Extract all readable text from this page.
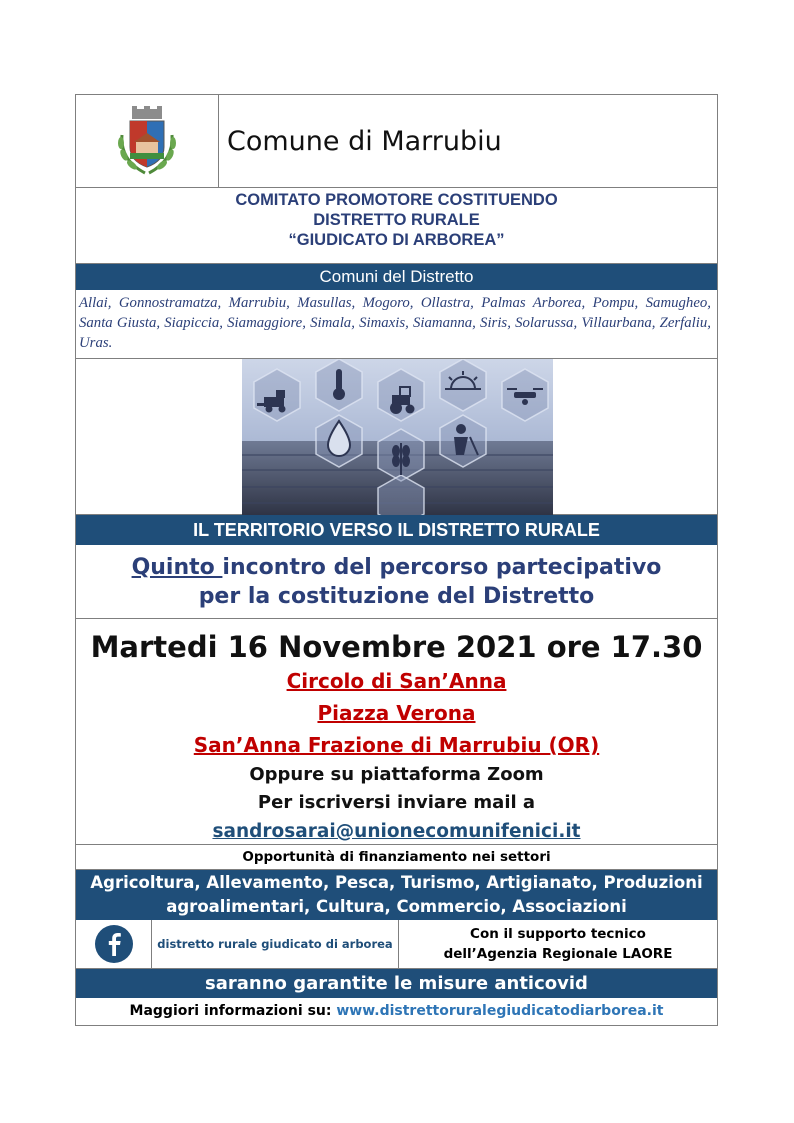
Comune di Marrubiu
COMITATO PROMOTORE COSTITUENDO
DISTRETTO RURALE
“GIUDICATO DI ARBOREA”
Comuni del Distretto
Allai, Gonnostramatza, Marrubiu, Masullas, Mogoro, Ollastra, Palmas Arborea, Pompu, Samugheo, Santa Giusta, Siapiccia, Siamaggiore, Simala, Simaxis, Siamanna, Siris, Solarussa, Villaurbana, Zerfaliu, Uras.
IL TERRITORIO VERSO IL DISTRETTO RURALE
Quinto incontro del percorso partecipativo
per la costituzione del Distretto
Martedi 16 Novembre 2021 ore 17.30
Circolo di San’Anna
Piazza Verona
San’Anna Frazione di Marrubiu (OR)
Oppure su piattaforma Zoom
Per iscriversi inviare mail a
sandrosarai@unionecomunifenici.it
Opportunità di finanziamento nei settori
Agricoltura, Allevamento, Pesca, Turismo, Artigianato, Produzioni
agroalimentari, Cultura, Commercio, Associazioni
distretto rurale giudicato di arborea
Con il supporto tecnico
dell’Agenzia Regionale LAORE
saranno garantite le misure anticovid
Maggiori informazioni su: www.distrettoruralegiudicatodiarborea.it
